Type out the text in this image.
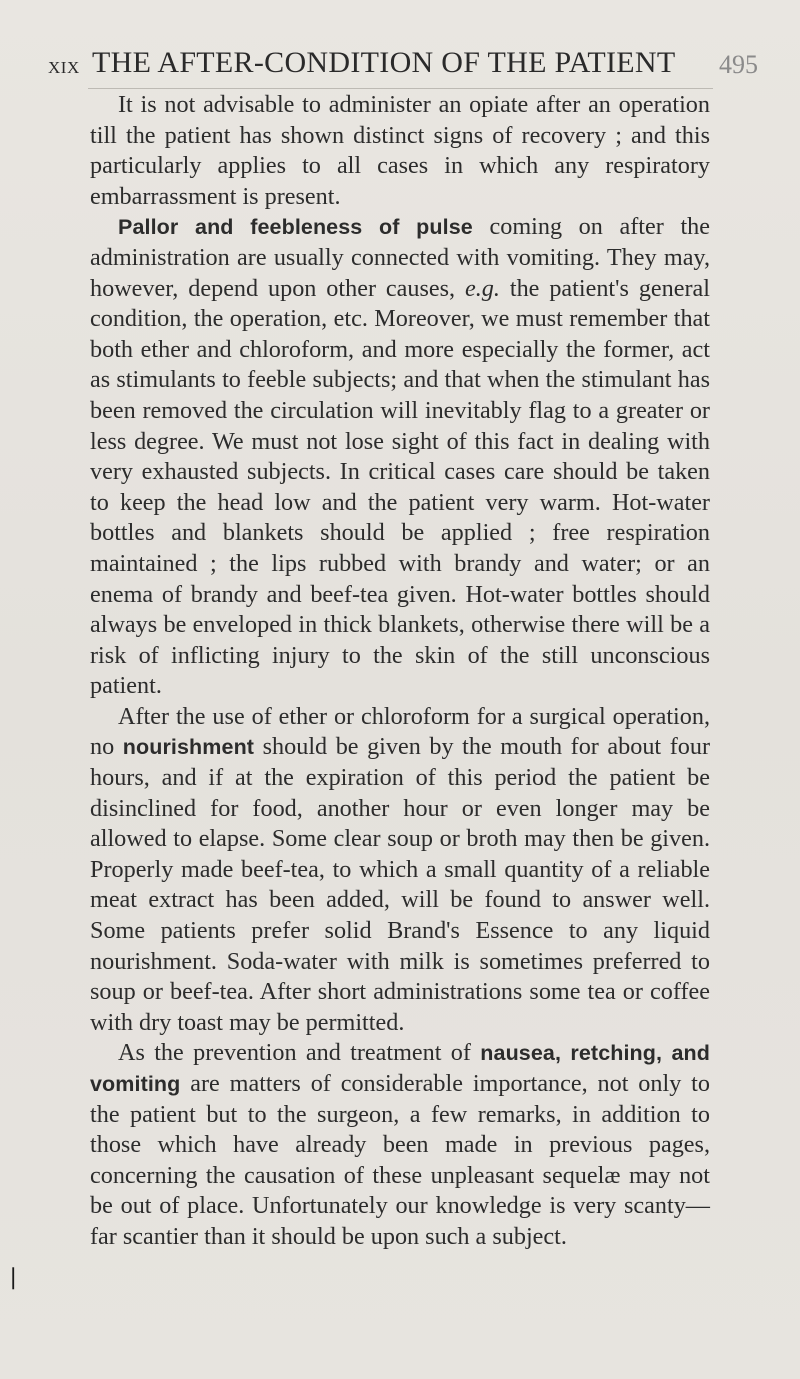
XIX THE AFTER-CONDITION OF THE PATIENT 495

It is not advisable to administer an opiate after an operation till the patient has shown distinct signs of recovery ; and this particularly applies to all cases in which any respiratory embarrassment is present.

Pallor and feebleness of pulse coming on after the administration are usually connected with vomiting. They may, however, depend upon other causes, e.g. the patient's general condition, the operation, etc. Moreover, we must remember that both ether and chloroform, and more especially the former, act as stimulants to feeble subjects; and that when the stimulant has been removed the circulation will inevitably flag to a greater or less degree. We must not lose sight of this fact in dealing with very exhausted subjects. In critical cases care should be taken to keep the head low and the patient very warm. Hot-water bottles and blankets should be applied ; free respiration maintained ; the lips rubbed with brandy and water; or an enema of brandy and beef-tea given. Hot-water bottles should always be enveloped in thick blankets, otherwise there will be a risk of inflicting injury to the skin of the still unconscious patient.

After the use of ether or chloroform for a surgical operation, no nourishment should be given by the mouth for about four hours, and if at the expiration of this period the patient be disinclined for food, another hour or even longer may be allowed to elapse. Some clear soup or broth may then be given. Properly made beef-tea, to which a small quantity of a reliable meat extract has been added, will be found to answer well. Some patients prefer solid Brand's Essence to any liquid nourishment. Soda-water with milk is sometimes preferred to soup or beef-tea. After short administrations some tea or coffee with dry toast may be permitted.

As the prevention and treatment of nausea, retching, and vomiting are matters of considerable importance, not only to the patient but to the surgeon, a few remarks, in addition to those which have already been made in previous pages, concerning the causation of these unpleasant sequelæ may not be out of place. Unfortunately our knowledge is very scanty—far scantier than it should be upon such a subject.

❘
